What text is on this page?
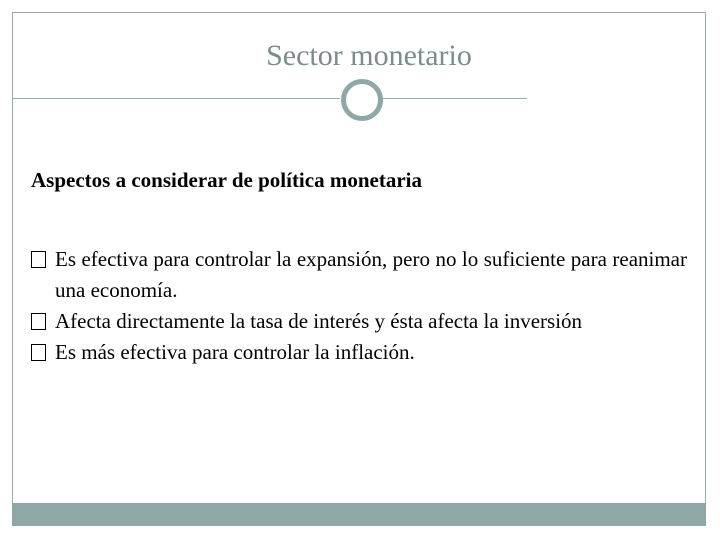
Sector monetario
Aspectos a considerar de política monetaria
Es efectiva para controlar la expansión, pero no lo suficiente para reanimar una economía.
Afecta directamente la tasa de interés y ésta afecta la inversión
Es más efectiva para controlar la inflación.
